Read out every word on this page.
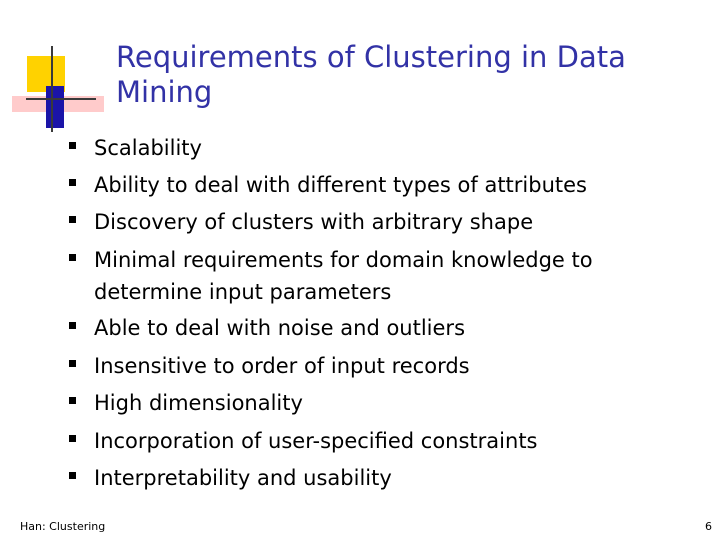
Requirements of Clustering in Data Mining
Scalability
Ability to deal with different types of attributes
Discovery of clusters with arbitrary shape
Minimal requirements for domain knowledge to determine input parameters
Able to deal with noise and outliers
Insensitive to order of input records
High dimensionality
Incorporation of user-specified constraints
Interpretability and usability
Han: Clustering	6
